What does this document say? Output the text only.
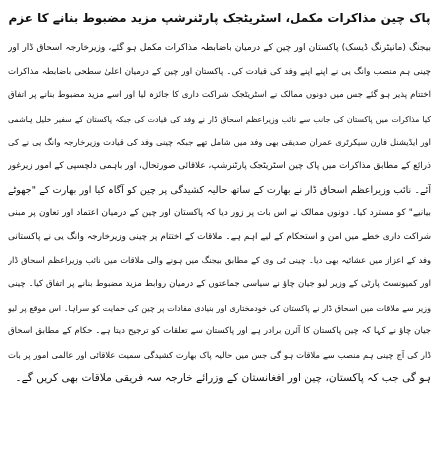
پاک چین مذاکرات مکمل، اسٹریٹجک پارٹنرشپ مزید مضبوط بنانے کا عزم
بیجنگ (مانیٹرنگ ڈیسک) پاکستان اور چین کے درمیان باضابطہ مذاکرات مکمل ہو گئے، وزیرخارجہ اسحاق ڈار اور
چینی ہم منصب وانگ یی نے اپنے اپنے وفد کی قیادت کی۔ پاکستان اور چین کے درمیان اعلیٰ سطحی باضابطہ مذاکرات
اختتام پذیر ہو گئے جس میں دونوں ممالک نے اسٹریٹجک شراکت داری کا جائزہ لیا اور اسے مزید مضبوط بنانے پر اتفاق
کیا مذاکرات میں پاکستان کی جانب سے نائب وزیراعظم اسحاق ڈار نے وفد کی قیادت کی جبکہ پاکستان کے سفیر خلیل ہاشمی
اور ایڈیشنل فارن سیکرٹری عمران صدیقی بھی وفد میں شامل تھے جبکہ چینی وفد کی قیادت وزیرخارجہ وانگ یی نے کی
ذرائع کے مطابق مذاکرات میں پاک چین اسٹریٹجک پارٹنرشپ، علاقائی صورتحال، اور باہمی دلچسپی کے امور زیرغور
آئے۔ نائب وزیراعظم اسحاق ڈار نے بھارت کے ساتھ حالیہ کشیدگی پر چین کو آگاہ کیا اور بھارت کے "جھوٹے
بیانیے" کو مسترد کیا۔ دونوں ممالک نے اس بات پر زور دیا کہ پاکستان اور چین کے درمیان اعتماد اور تعاون پر مبنی
شراکت داری خطے میں امن و استحکام کے لیے اہم ہے۔ ملاقات کے اختتام پر چینی وزیرخارجہ وانگ یی نے پاکستانی
وفد کے اعزاز میں عشائیہ بھی دیا۔ چینی ٹی وی کے مطابق بیجنگ میں ہونے والی ملاقات میں نائب وزیراعظم اسحاق ڈار
اور کمیونسٹ پارٹی کے وزیر لیو جیان چاؤ نے سیاسی جماعتوں کے درمیان روابط مزید مضبوط بنانے پر اتفاق کیا۔ چینی
وزیر سے ملاقات میں اسحاق ڈار نے پاکستان کی خودمختاری اور بنیادی مفادات پر چین کی حمایت کو سراہا۔ اس موقع پر لیو
جیان چاؤ نے کہا کہ چین پاکستان کا آئرن برادر ہے اور پاکستان سے تعلقات کو ترجیح دیتا ہے۔ حکام کے مطابق اسحاق
ڈار کی آج چینی ہم منصب سے ملاقات ہو گی جس میں حالیہ پاک بھارت کشیدگی سمیت علاقائی اور عالمی امور پر بات
ہو گی جب کہ پاکستان، چین اور افغانستان کے وزرائے خارجہ سہ فریقی ملاقات بھی کریں گے۔
